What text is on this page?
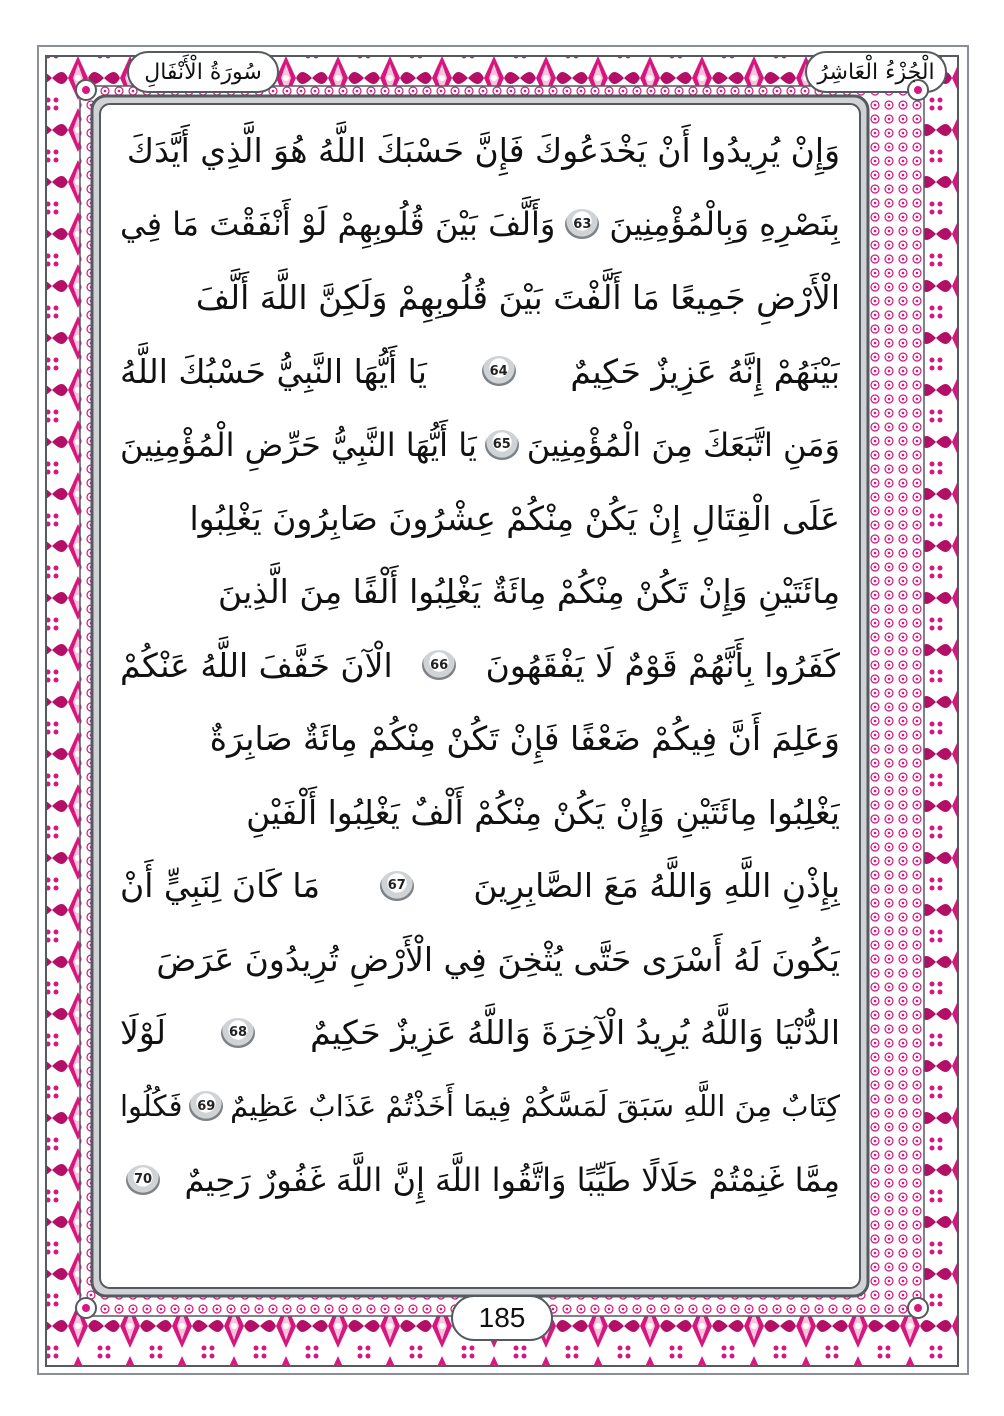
الْجُزْءُ الْعَاشِرُ
سُورَةُ الْأَنْفَالِ
وَإِنْ يُرِيدُوا أَنْ يَخْدَعُوكَ فَإِنَّ حَسْبَكَ اللَّهُ هُوَ الَّذِي أَيَّدَكَ
بِنَصْرِهِ وَبِالْمُؤْمِنِينَ
63
وَأَلَّفَ بَيْنَ قُلُوبِهِمْ لَوْ أَنْفَقْتَ مَا فِي
الْأَرْضِ جَمِيعًا مَا أَلَّفْتَ بَيْنَ قُلُوبِهِمْ وَلَكِنَّ اللَّهَ أَلَّفَ
بَيْنَهُمْ إِنَّهُ عَزِيزٌ حَكِيمٌ
64
يَا أَيُّهَا النَّبِيُّ حَسْبُكَ اللَّهُ
وَمَنِ اتَّبَعَكَ مِنَ الْمُؤْمِنِينَ
65
يَا أَيُّهَا النَّبِيُّ حَرِّضِ الْمُؤْمِنِينَ
عَلَى الْقِتَالِ إِنْ يَكُنْ مِنْكُمْ عِشْرُونَ صَابِرُونَ يَغْلِبُوا
مِائَتَيْنِ وَإِنْ تَكُنْ مِنْكُمْ مِائَةٌ يَغْلِبُوا أَلْفًا مِنَ الَّذِينَ
كَفَرُوا بِأَنَّهُمْ قَوْمٌ لَا يَفْقَهُونَ
66
الْآنَ خَفَّفَ اللَّهُ عَنْكُمْ
وَعَلِمَ أَنَّ فِيكُمْ ضَعْفًا فَإِنْ تَكُنْ مِنْكُمْ مِائَةٌ صَابِرَةٌ
يَغْلِبُوا مِائَتَيْنِ وَإِنْ يَكُنْ مِنْكُمْ أَلْفٌ يَغْلِبُوا أَلْفَيْنِ
بِإِذْنِ اللَّهِ وَاللَّهُ مَعَ الصَّابِرِينَ
67
مَا كَانَ لِنَبِيٍّ أَنْ
يَكُونَ لَهُ أَسْرَى حَتَّى يُثْخِنَ فِي الْأَرْضِ تُرِيدُونَ عَرَضَ
الدُّنْيَا وَاللَّهُ يُرِيدُ الْآخِرَةَ وَاللَّهُ عَزِيزٌ حَكِيمٌ
68
لَوْلَا
كِتَابٌ مِنَ اللَّهِ سَبَقَ لَمَسَّكُمْ فِيمَا أَخَذْتُمْ عَذَابٌ عَظِيمٌ
69
فَكُلُوا
مِمَّا غَنِمْتُمْ حَلَالًا طَيِّبًا وَاتَّقُوا اللَّهَ إِنَّ اللَّهَ غَفُورٌ رَحِيمٌ
70
185
